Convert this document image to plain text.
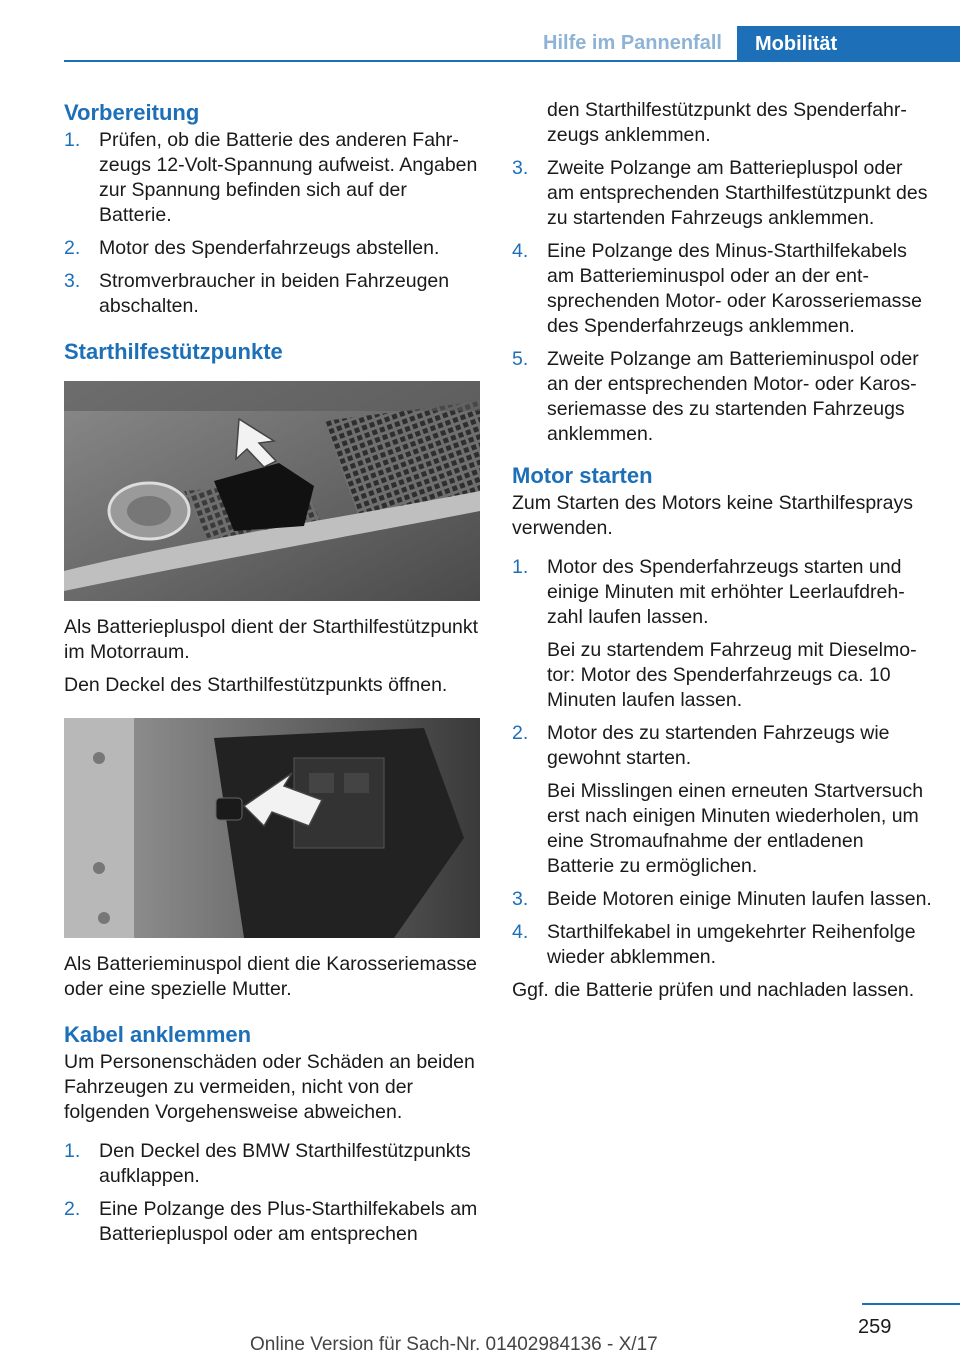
Hilfe im Pannenfall	Mobilität
Vorbereitung
1. Prüfen, ob die Batterie des anderen Fahrzeugs 12-Volt-Spannung aufweist. Angaben zur Spannung befinden sich auf der Batterie.

2. Motor des Spenderfahrzeugs abstellen.

3. Stromverbraucher in beiden Fahrzeugen abschalten.

Starthilfestützpunkte

Als Batteriepluspol dient der Starthilfestützpunkt im Motorraum.

Den Deckel des Starthilfestützpunkts öffnen.

Als Batterieminuspol dient die Karosseriemasse oder eine spezielle Mutter.

Kabel anklemmen

Um Personenschäden oder Schäden an beiden Fahrzeugen zu vermeiden, nicht von der folgenden Vorgehensweise abweichen.

1. Den Deckel des BMW Starthilfestützpunkts aufklappen.

2. Eine Polzange des Plus-Starthilfekabels am Batteriepluspol oder am entsprechen

den Starthilfestützpunkt des Spenderfahrzeugs anklemmen.

3. Zweite Polzange am Batteriepluspol oder am entsprechenden Starthilfestützpunkt des zu startenden Fahrzeugs anklemmen.

4. Eine Polzange des Minus-Starthilfekabels am Batterieminuspol oder an der entsprechenden Motor- oder Karosseriemasse des Spenderfahrzeugs anklemmen.

5. Zweite Polzange am Batterieminuspol oder an der entsprechenden Motor- oder Karosseriemasse des zu startenden Fahrzeugs anklemmen.

Motor starten

Zum Starten des Motors keine Starthilfesprays verwenden.

1. Motor des Spenderfahrzeugs starten und einige Minuten mit erhöhter Leerlaufdrehzahl laufen lassen.

Bei zu startendem Fahrzeug mit Dieselmotor: Motor des Spenderfahrzeugs ca. 10 Minuten laufen lassen.

2. Motor des zu startenden Fahrzeugs wie gewohnt starten.

Bei Misslingen einen erneuten Startversuch erst nach einigen Minuten wiederholen, um eine Stromaufnahme der entladenen Batterie zu ermöglichen.

3. Beide Motoren einige Minuten laufen lassen.

4. Starthilfekabel in umgekehrter Reihenfolge wieder abklemmen.

Ggf. die Batterie prüfen und nachladen lassen.

259
Online Version für Sach-Nr. 01402984136 - X/17
